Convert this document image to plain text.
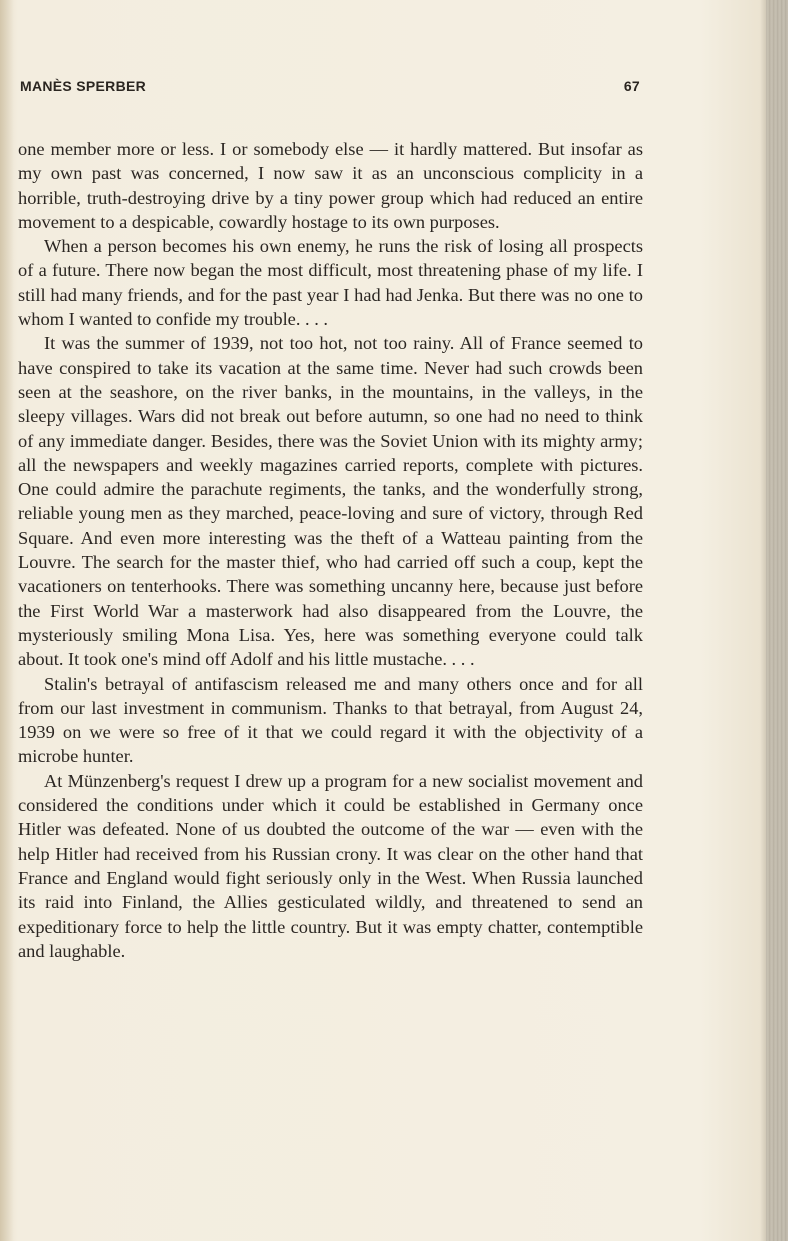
MANÈS SPERBER	67

one member more or less. I or somebody else — it hardly mattered. But insofar as my own past was concerned, I now saw it as an unconscious complicity in a horrible, truth-destroying drive by a tiny power group which had reduced an entire movement to a despicable, cowardly hostage to its own purposes.

When a person becomes his own enemy, he runs the risk of losing all prospects of a future. There now began the most difficult, most threatening phase of my life. I still had many friends, and for the past year I had had Jenka. But there was no one to whom I wanted to confide my trouble. . . .

It was the summer of 1939, not too hot, not too rainy. All of France seemed to have conspired to take its vacation at the same time. Never had such crowds been seen at the seashore, on the river banks, in the mountains, in the valleys, in the sleepy villages. Wars did not break out before autumn, so one had no need to think of any immediate danger. Besides, there was the Soviet Union with its mighty army; all the newspapers and weekly magazines carried reports, complete with pictures. One could admire the parachute regiments, the tanks, and the wonderfully strong, reliable young men as they marched, peace-loving and sure of victory, through Red Square. And even more interesting was the theft of a Watteau painting from the Louvre. The search for the master thief, who had carried off such a coup, kept the vacationers on tenterhooks. There was something uncanny here, because just before the First World War a masterwork had also disappeared from the Louvre, the mysteriously smiling Mona Lisa. Yes, here was something everyone could talk about. It took one's mind off Adolf and his little mustache. . . .

Stalin's betrayal of antifascism released me and many others once and for all from our last investment in communism. Thanks to that betrayal, from August 24, 1939 on we were so free of it that we could regard it with the objectivity of a microbe hunter.

At Münzenberg's request I drew up a program for a new socialist movement and considered the conditions under which it could be established in Germany once Hitler was defeated. None of us doubted the outcome of the war — even with the help Hitler had received from his Russian crony. It was clear on the other hand that France and England would fight seriously only in the West. When Russia launched its raid into Finland, the Allies gesticulated wildly, and threatened to send an expeditionary force to help the little country. But it was empty chatter, contemptible and laughable.
